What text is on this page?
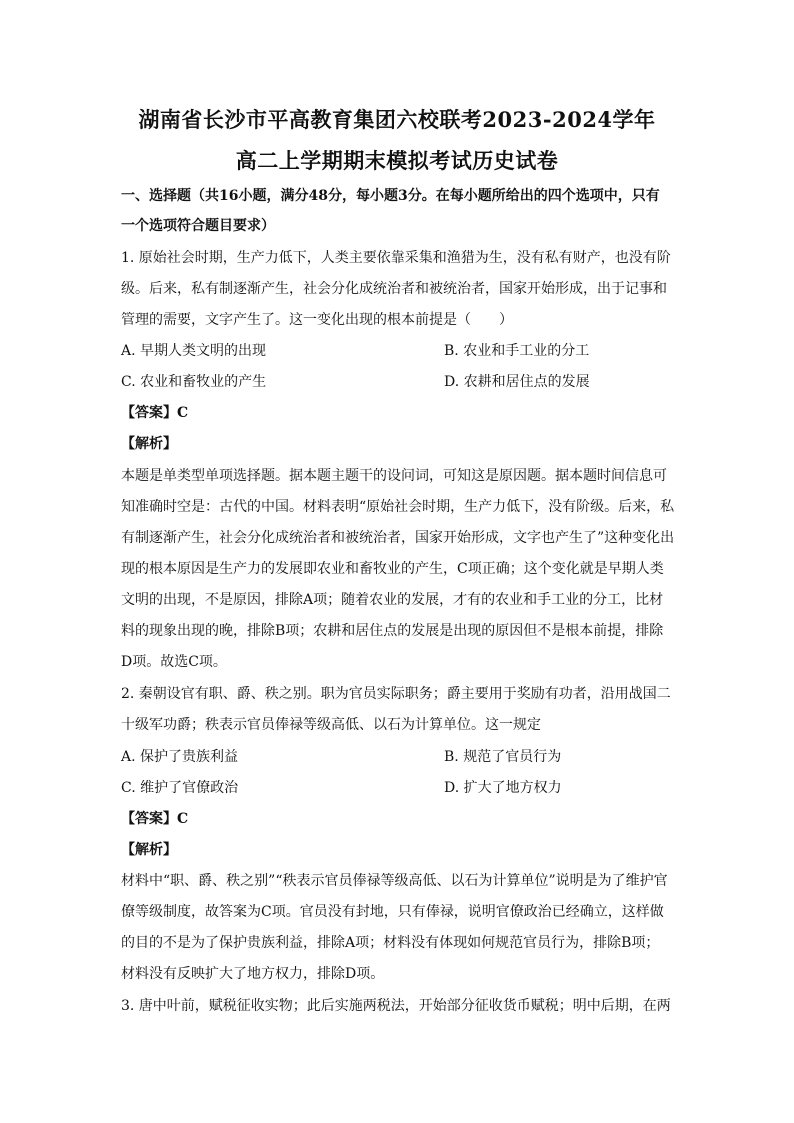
湖南省长沙市平高教育集团六校联考2023-2024学年
高二上学期期末模拟考试历史试卷
一、选择题（共16小题，满分48分，每小题3分。在每小题所给出的四个选项中，只有
一个选项符合题目要求）
1. 原始社会时期，生产力低下，人类主要依靠采集和渔猎为生，没有私有财产，也没有阶
级。后来，私有制逐渐产生，社会分化成统治者和被统治者，国家开始形成，出于记事和
管理的需要，文字产生了。这一变化出现的根本前提是（　　）
A. 早期人类文明的出现	B. 农业和手工业的分工
C. 农业和畜牧业的产生	D. 农耕和居住点的发展
【答案】C
【解析】
本题是单类型单项选择题。据本题主题干的设问词，可知这是原因题。据本题时间信息可
知准确时空是：古代的中国。材料表明“原始社会时期，生产力低下，没有阶级。后来，私
有制逐渐产生，社会分化成统治者和被统治者，国家开始形成，文字也产生了”这种变化出
现的根本原因是生产力的发展即农业和畜牧业的产生，C项正确；这个变化就是早期人类
文明的出现，不是原因，排除A项；随着农业的发展，才有的农业和手工业的分工，比材
料的现象出现的晚，排除B项；农耕和居住点的发展是出现的原因但不是根本前提，排除
D项。故选C项。
2. 秦朝设官有职、爵、秩之别。职为官员实际职务；爵主要用于奖励有功者，沿用战国二
十级军功爵；秩表示官员俸禄等级高低、以石为计算单位。这一规定
A. 保护了贵族利益	B. 规范了官员行为
C. 维护了官僚政治	D. 扩大了地方权力
【答案】C
【解析】
材料中“职、爵、秩之别”“秩表示官员俸禄等级高低、以石为计算单位”说明是为了维护官
僚等级制度，故答案为C项。官员没有封地，只有俸禄，说明官僚政治已经确立，这样做
的目的不是为了保护贵族利益，排除A项；材料没有体现如何规范官员行为，排除B项；
材料没有反映扩大了地方权力，排除D项。
3. 唐中叶前，赋税征收实物；此后实施两税法，开始部分征收货币赋税；明中后期，在两
